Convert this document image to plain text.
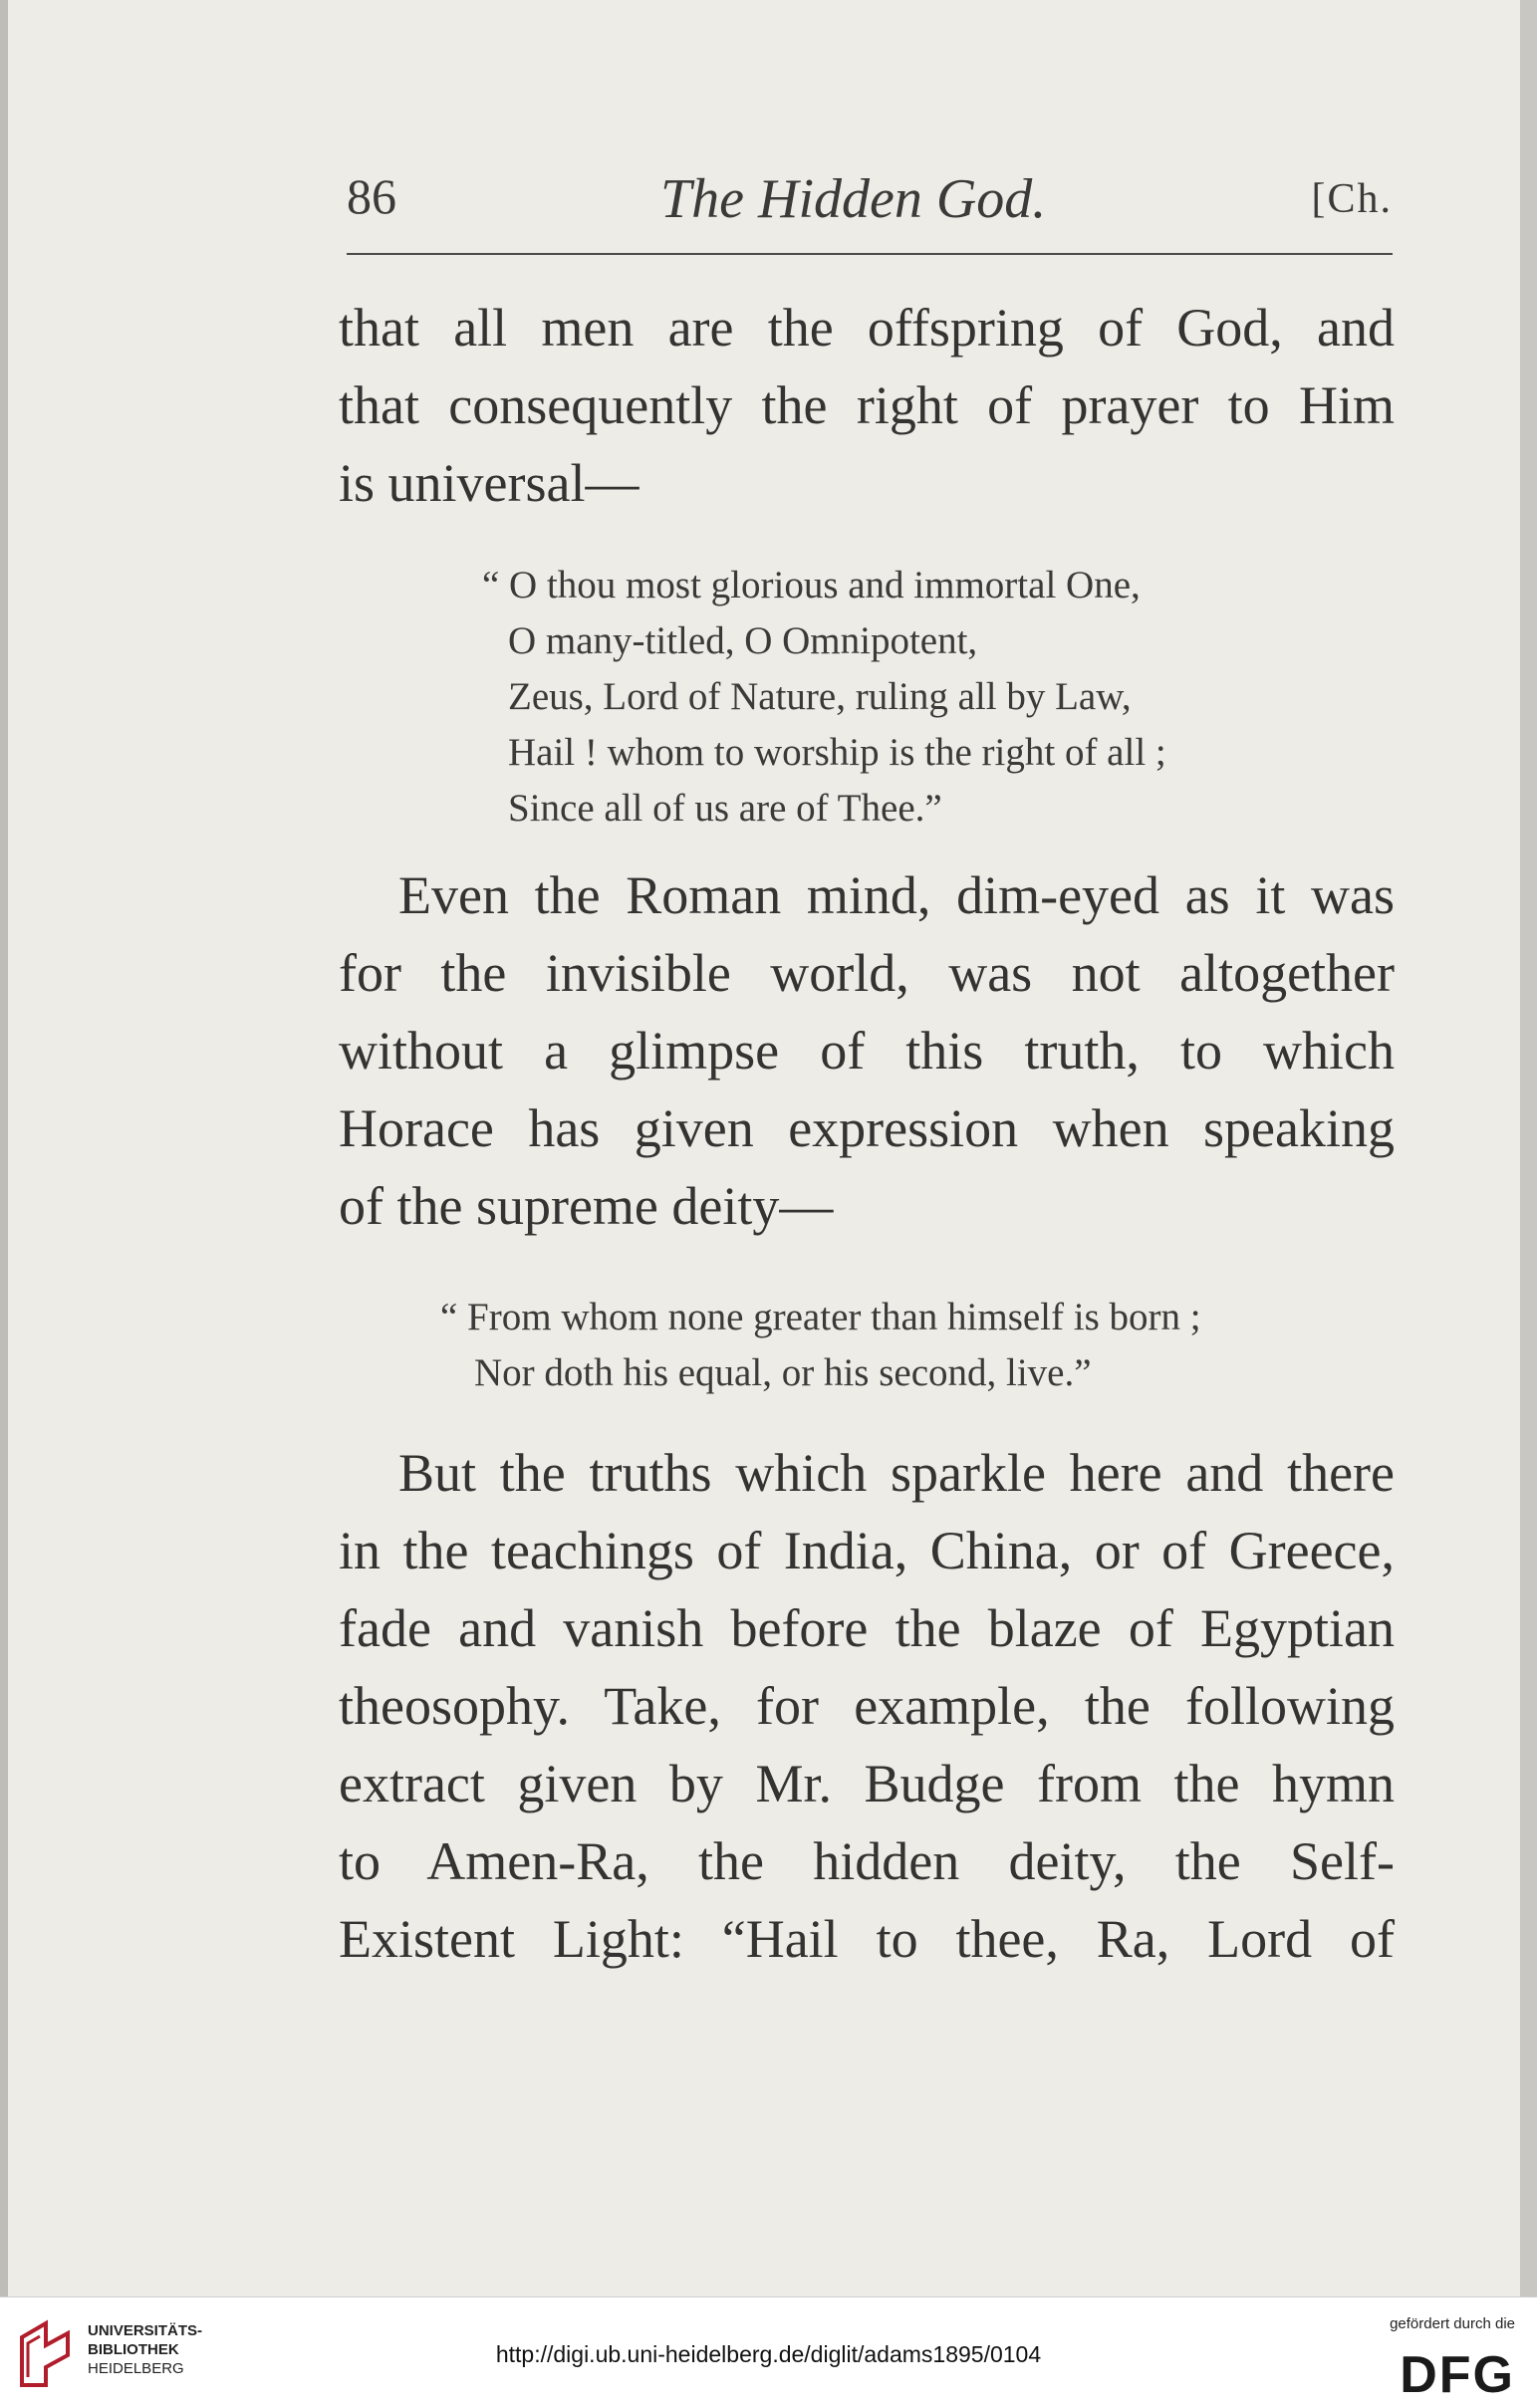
86	The Hidden God.	[Ch.
that all men are the offspring of God, and
that consequently the right of prayer to Him
is universal—
“ O thou most glorious and immortal One,
O many-titled, O Omnipotent,
Zeus, Lord of Nature, ruling all by Law,
Hail ! whom to worship is the right of all ;
Since all of us are of Thee.”
Even the Roman mind, dim-eyed as it was
for the invisible world, was not altogether
without a glimpse of this truth, to which
Horace has given expression when speaking
of the supreme deity—
“ From whom none greater than himself is born ;
Nor doth his equal, or his second, live.”
But the truths which sparkle here and there
in the teachings of India, China, or of Greece,
fade and vanish before the blaze of Egyptian
theosophy. Take, for example, the following
extract given by Mr. Budge from the hymn
to Amen-Ra, the hidden deity, the Self-
Existent Light: “Hail to thee, Ra, Lord of
UNIVERSITÄTS-
BIBLIOTHEK
HEIDELBERG
http://digi.ub.uni-heidelberg.de/diglit/adams1895/0104
gefördert durch die
DFG
